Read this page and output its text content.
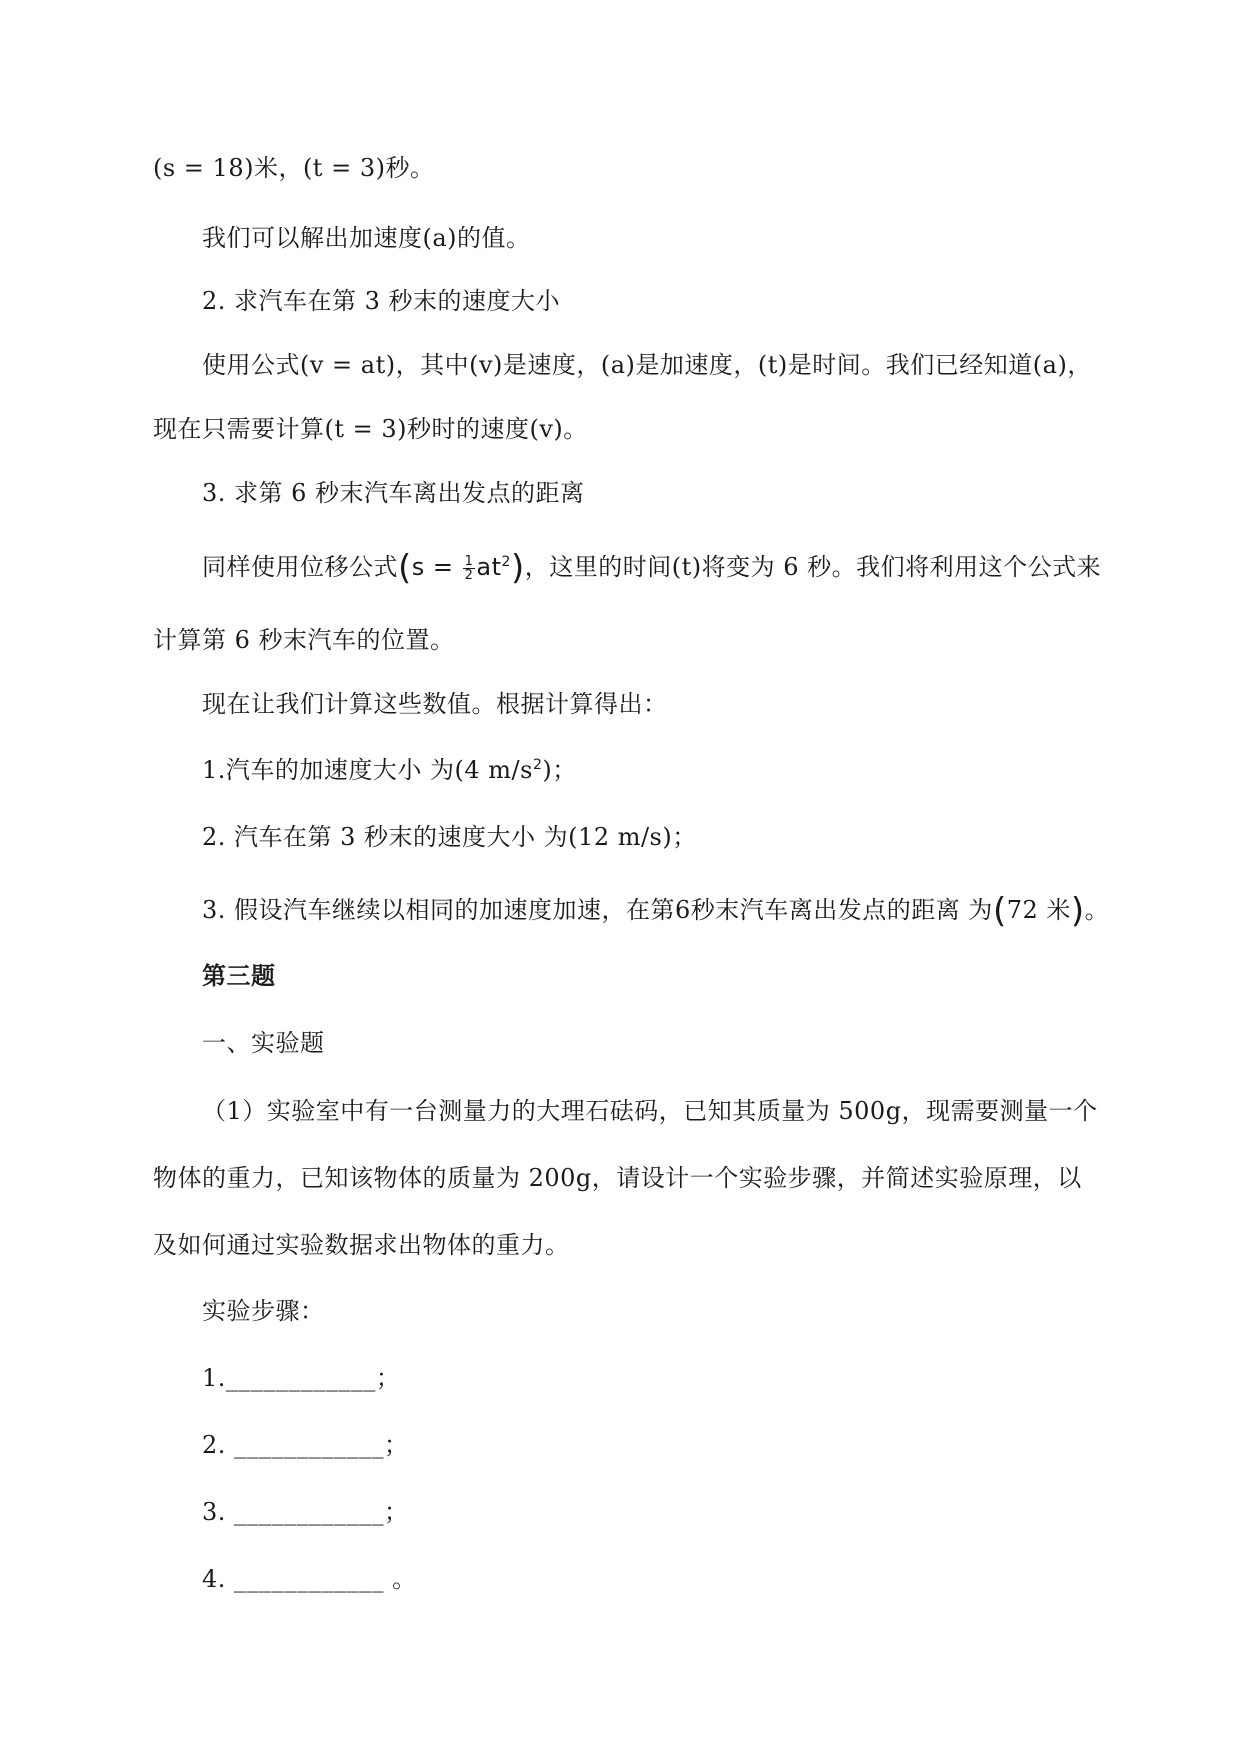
(s = 18)米，(t = 3)秒。
我们可以解出加速度(a)的值。
2. 求汽车在第 3 秒末的速度大小
使用公式(v = at)，其中(v)是速度，(a)是加速度，(t)是时间。我们已经知道(a)，
现在只需要计算(t = 3)秒时的速度(v)。
3. 求第 6 秒末汽车离出发点的距离
同样使用位移公式$(s = \frac{1}{2} at^2)$，这里的时间(t)将变为 6 秒。我们将利用这个公式来
计算第 6 秒末汽车的位置。
现在让我们计算这些数值。根据计算得出：
1.汽车的加速度大小 为(4 $m/s^2$)；
2. 汽车在第 3 秒末的速度大小 为(12 m/s)；
3. 假设汽车继续以相同的加速度加速，在第6秒末汽车离出发点的距离 为(72 米)。
第三题
一、实验题
（1）实验室中有一台测量力的大理石砝码，已知其质量为 500g，现需要测量一个
物体的重力，已知该物体的质量为 200g，请设计一个实验步骤，并简述实验原理，以
及如何通过实验数据求出物体的重力。
实验步骤：
1.____________；
2. ____________；
3. ____________；
4. ____________ 。
